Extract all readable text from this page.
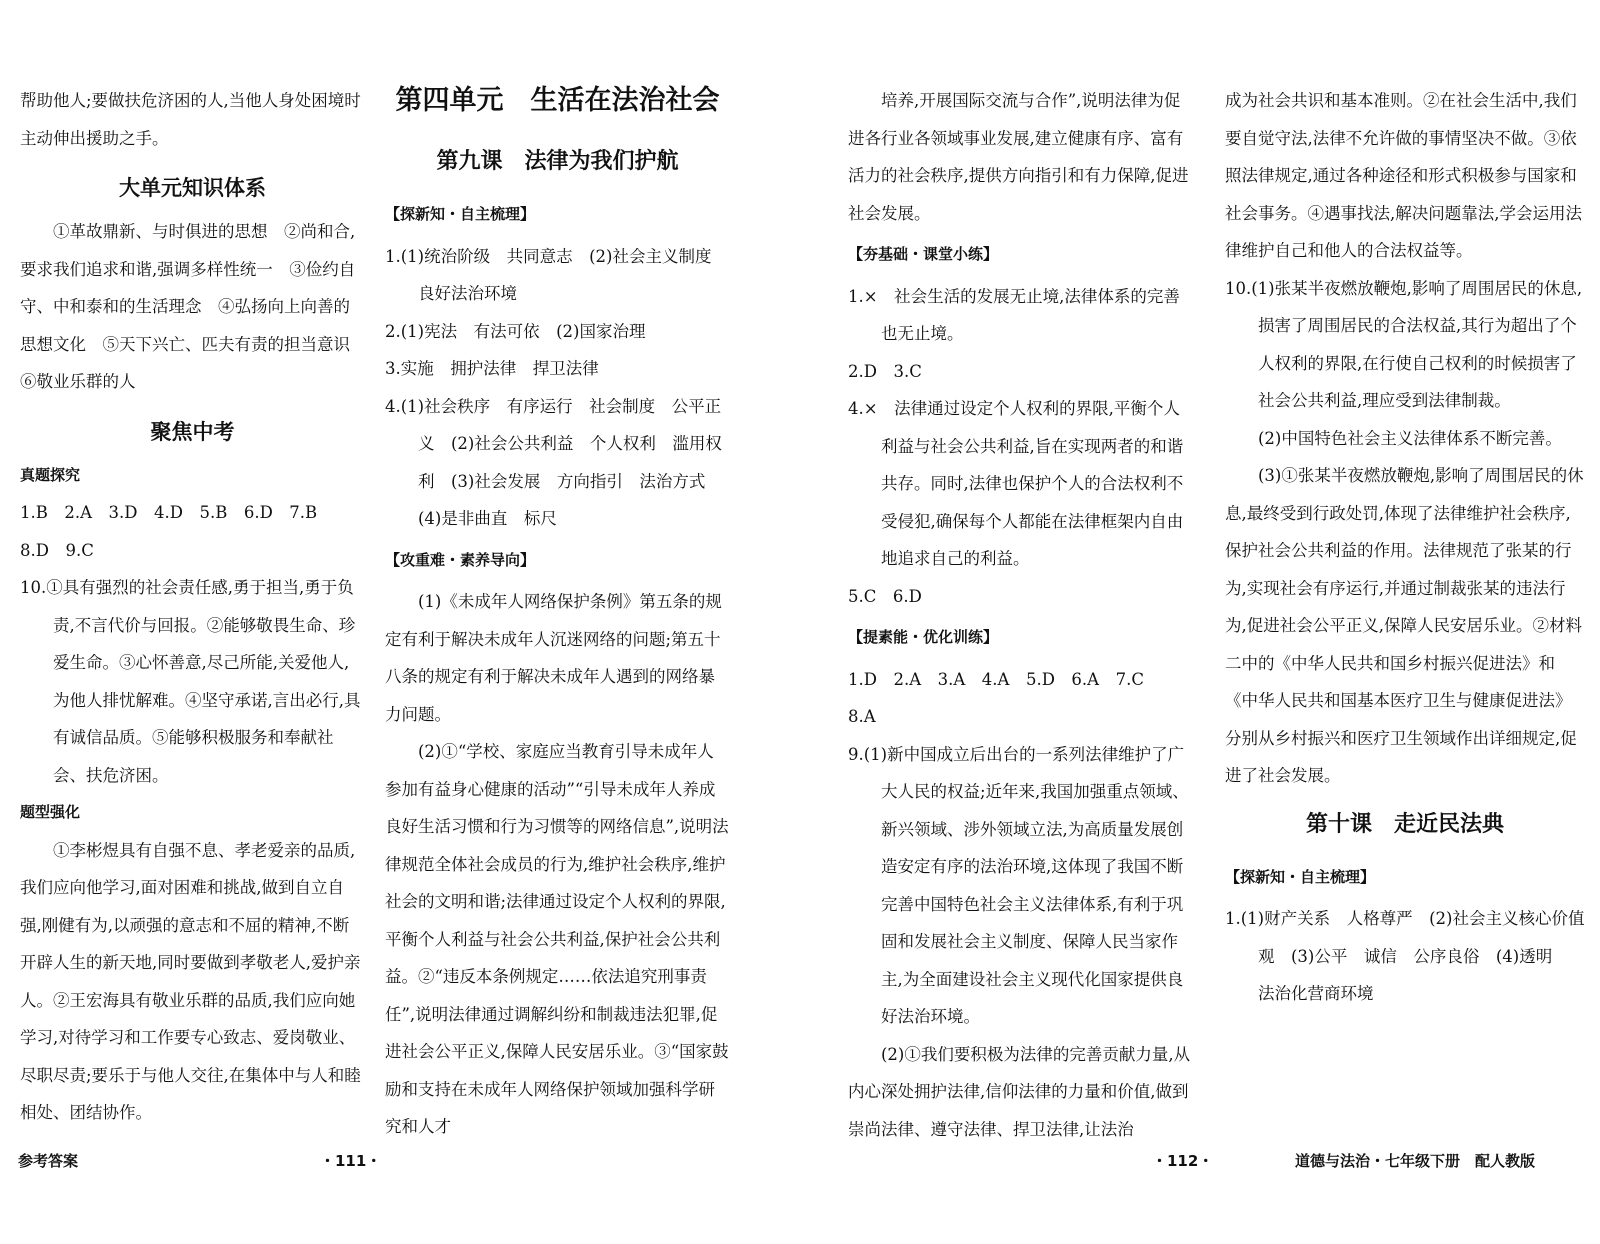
帮助他人;要做扶危济困的人,当他人身处困境时主动伸出援助之手。

大单元知识体系

①革故鼎新、与时俱进的思想　②尚和合,要求我们追求和谐,强调多样性统一　③俭约自守、中和泰和的生活理念　④弘扬向上向善的思想文化　⑤天下兴亡、匹夫有责的担当意识　⑥敬业乐群的人

聚焦中考
真题探究

1.B　2.A　3.D　4.D　5.B　6.D　7.B

8.D　9.C

10.①具有强烈的社会责任感,勇于担当,勇于负责,不言代价与回报。②能够敬畏生命、珍爱生命。③心怀善意,尽己所能,关爱他人,为他人排忧解难。④坚守承诺,言出必行,具有诚信品质。⑤能够积极服务和奉献社会、扶危济困。

题型强化

①李彬煜具有自强不息、孝老爱亲的品质,我们应向他学习,面对困难和挑战,做到自立自强,刚健有为,以顽强的意志和不屈的精神,不断开辟人生的新天地,同时要做到孝敬老人,爱护亲人。②王宏海具有敬业乐群的品质,我们应向她学习,对待学习和工作要专心致志、爱岗敬业、尽职尽责;要乐于与他人交往,在集体中与人和睦相处、团结协作。

第四单元　生活在法治社会
第九课　法律为我们护航
【探新知・自主梳理】

1.(1)统治阶级　共同意志　(2)社会主义制度　良好法治环境

2.(1)宪法　有法可依　(2)国家治理

3.实施　拥护法律　捍卫法律

4.(1)社会秩序　有序运行　社会制度　公平正义　(2)社会公共利益　个人权利　滥用权利　(3)社会发展　方向指引　法治方式　(4)是非曲直　标尺

【攻重难・素养导向】

(1)《未成年人网络保护条例》第五条的规定有利于解决未成年人沉迷网络的问题;第五十八条的规定有利于解决未成年人遇到的网络暴力问题。

(2)①“学校、家庭应当教育引导未成年人参加有益身心健康的活动”“引导未成年人养成良好生活习惯和行为习惯等的网络信息”,说明法律规范全体社会成员的行为,维护社会秩序,维护社会的文明和谐;法律通过设定个人权利的界限,平衡个人利益与社会公共利益,保护社会公共利益。②“违反本条例规定……依法追究刑事责任”,说明法律通过调解纠纷和制裁违法犯罪,促进社会公平正义,保障人民安居乐业。③“国家鼓励和支持在未成年人网络保护领域加强科学研究和人才

参考答案	・111・

培养,开展国际交流与合作”,说明法律为促进各行业各领域事业发展,建立健康有序、富有活力的社会秩序,提供方向指引和有力保障,促进社会发展。

【夯基础・课堂小练】

1.×　社会生活的发展无止境,法律体系的完善也无止境。

2.D　3.C

4.×　法律通过设定个人权利的界限,平衡个人利益与社会公共利益,旨在实现两者的和谐共存。同时,法律也保护个人的合法权利不受侵犯,确保每个人都能在法律框架内自由地追求自己的利益。

5.C　6.D

【提素能・优化训练】

1.D　2.A　3.A　4.A　5.D　6.A　7.C

8.A

9.(1)新中国成立后出台的一系列法律维护了广大人民的权益;近年来,我国加强重点领域、新兴领域、涉外领域立法,为高质量发展创造安定有序的法治环境,这体现了我国不断完善中国特色社会主义法律体系,有利于巩固和发展社会主义制度、保障人民当家作主,为全面建设社会主义现代化国家提供良好法治环境。

(2)①我们要积极为法律的完善贡献力量,从内心深处拥护法律,信仰法律的力量和价值,做到崇尚法律、遵守法律、捍卫法律,让法治

成为社会共识和基本准则。②在社会生活中,我们要自觉守法,法律不允许做的事情坚决不做。③依照法律规定,通过各种途径和形式积极参与国家和社会事务。④遇事找法,解决问题靠法,学会运用法律维护自己和他人的合法权益等。

10.(1)张某半夜燃放鞭炮,影响了周围居民的休息,损害了周围居民的合法权益,其行为超出了个人权利的界限,在行使自己权利的时候损害了社会公共利益,理应受到法律制裁。

(2)中国特色社会主义法律体系不断完善。

(3)①张某半夜燃放鞭炮,影响了周围居民的休息,最终受到行政处罚,体现了法律维护社会秩序,保护社会公共利益的作用。法律规范了张某的行为,实现社会有序运行,并通过制裁张某的违法行为,促进社会公平正义,保障人民安居乐业。②材料二中的《中华人民共和国乡村振兴促进法》和《中华人民共和国基本医疗卫生与健康促进法》分别从乡村振兴和医疗卫生领域作出详细规定,促进了社会发展。

第十课　走近民法典
【探新知・自主梳理】

1.(1)财产关系　人格尊严　(2)社会主义核心价值观　(3)公平　诚信　公序良俗　(4)透明　法治化营商环境

・112・	道德与法治・七年级下册　配人教版
